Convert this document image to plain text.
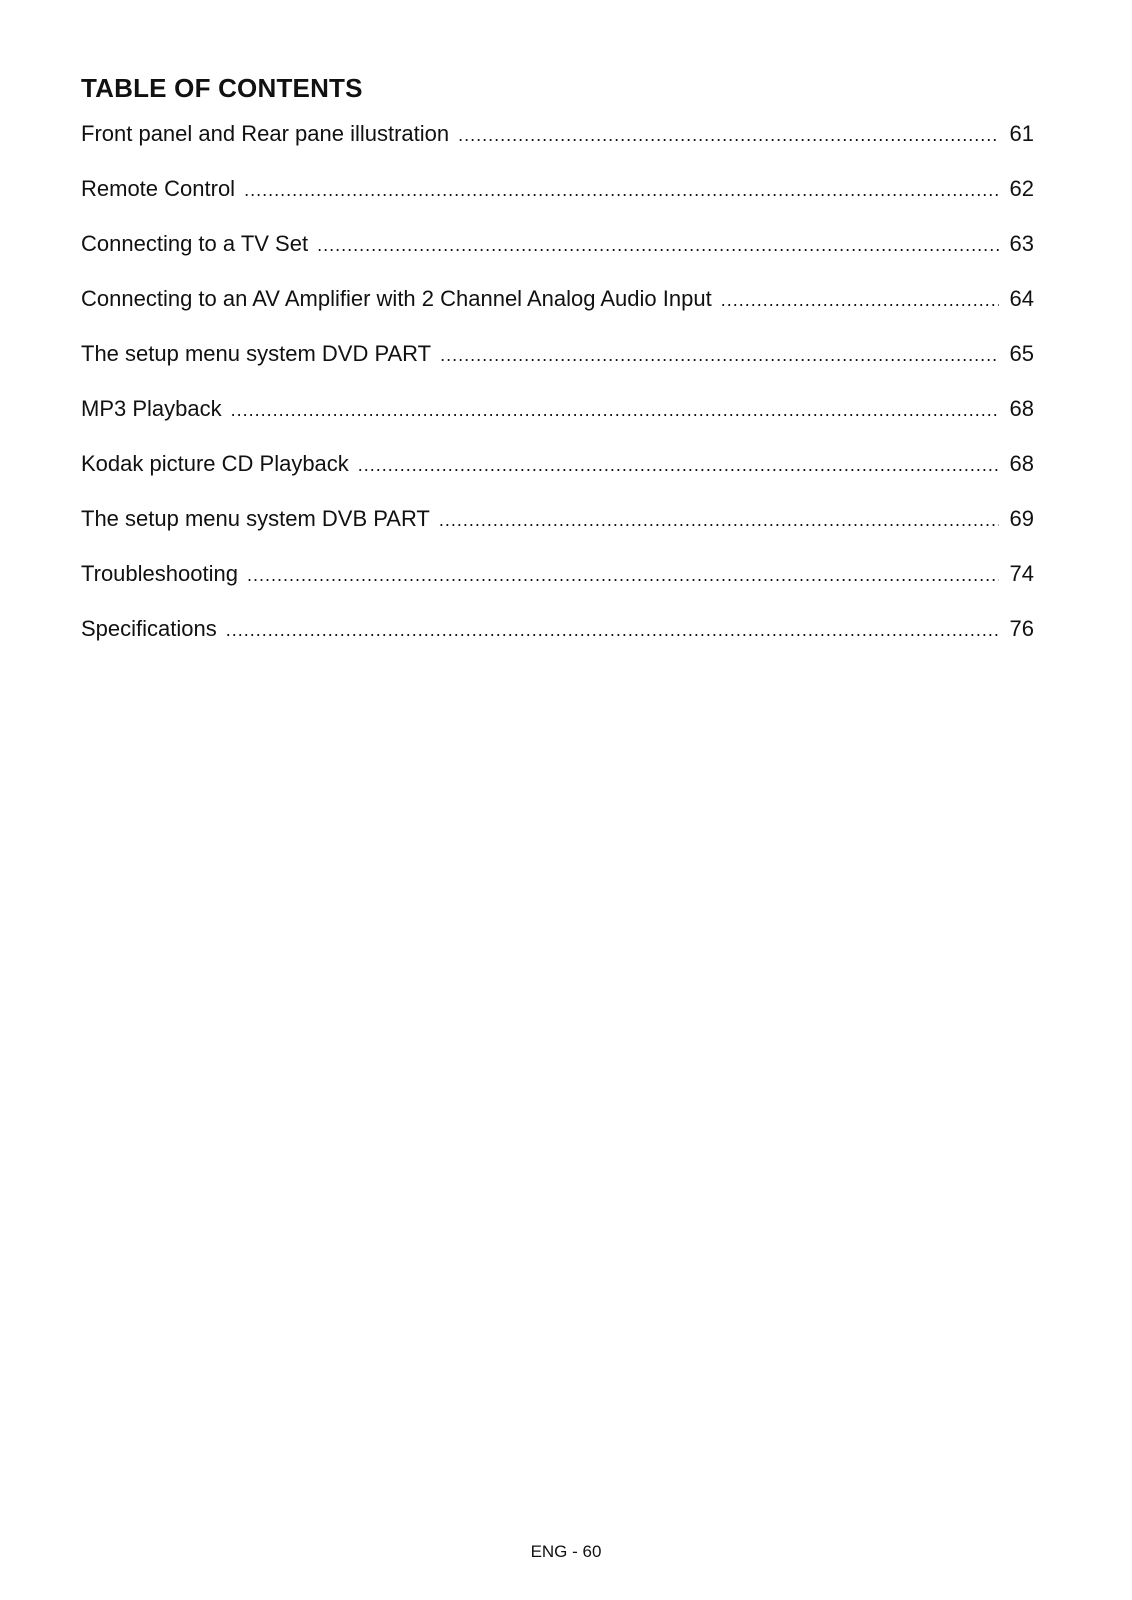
TABLE OF CONTENTS
Front panel and Rear pane illustration .....	61
Remote Control .....	62
Connecting to a TV Set .....	63
Connecting to an AV Amplifier with 2 Channel Analog Audio Input .....	64
The setup menu system DVD PART .....	65
MP3 Playback .....	68
Kodak picture CD Playback .....	68
The setup menu system DVB PART .....	69
Troubleshooting .....	74
Specifications .....	76
ENG - 60
